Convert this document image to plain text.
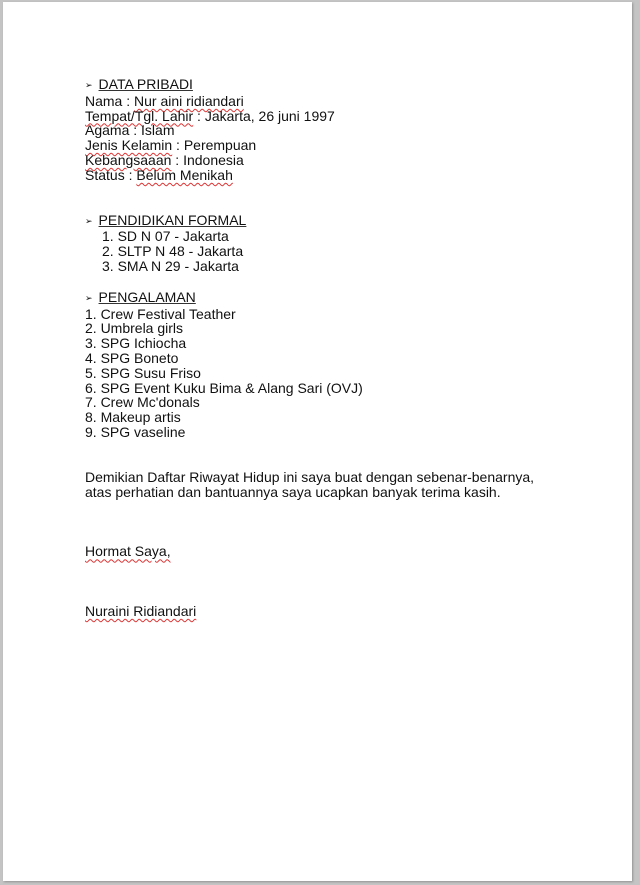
➢ DATA PRIBADI

Nama : Nur aini ridiandari

Tempat/Tgl. Lahir : Jakarta, 26 juni 1997

Agama : Islam

Jenis Kelamin : Perempuan

Kebangsaaan : Indonesia

Status : Belum Menikah

➢ PENDIDIKAN FORMAL

1. SD N 07 - Jakarta

2. SLTP N 48 - Jakarta

3. SMA N 29 - Jakarta

➢ PENGALAMAN

1. Crew Festival Teather

2. Umbrela girls

3. SPG Ichiocha

4. SPG Boneto

5. SPG Susu Friso

6. SPG Event Kuku Bima & Alang Sari (OVJ)

7. Crew Mc'donals

8. Makeup artis

9. SPG vaseline

Demikian Daftar Riwayat Hidup ini saya buat dengan sebenar-benarnya,

atas perhatian dan bantuannya saya ucapkan banyak terima kasih.

Hormat Saya,

Nuraini Ridiandari
